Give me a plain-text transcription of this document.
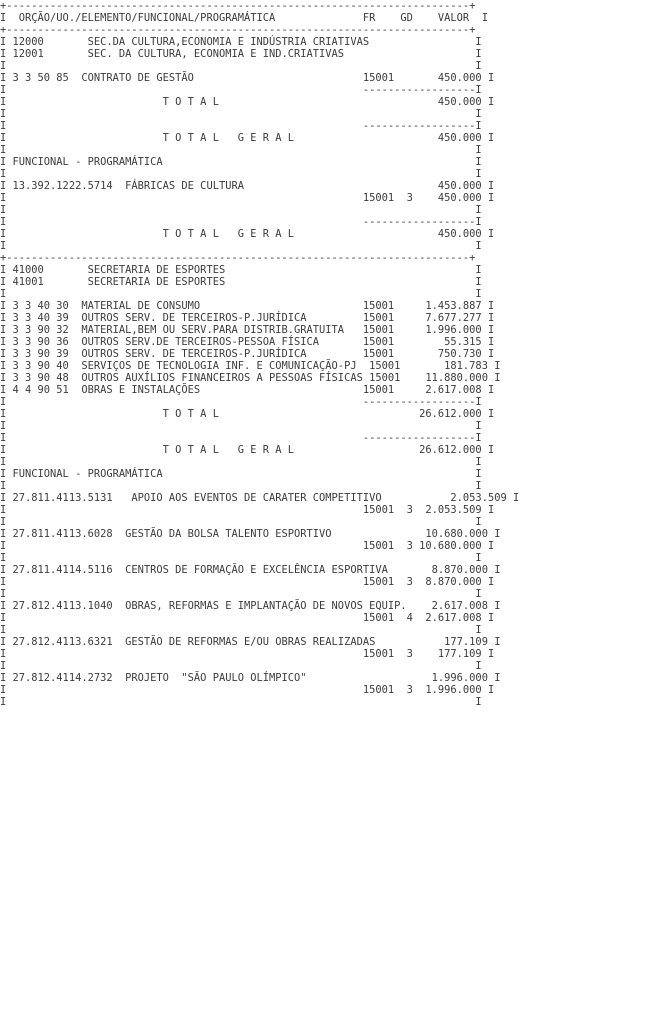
+--------------------------------------------------------------------------+
I  ORÇÃO/UO./ELEMENTO/FUNCIONAL/PROGRAMÁTICA              FR    GD    VALOR  I
+--------------------------------------------------------------------------+
I 12000       SEC.DA CULTURA,ECONOMIA E INDÚSTRIA CRIATIVAS                 I
I 12001       SEC. DA CULTURA, ECONOMIA E IND.CRIATIVAS                     I
I                                                                           I
I 3 3 50 85  CONTRATO DE GESTÃO                           15001       450.000 I
I                                                         ------------------I
I                         T O T A L                                   450.000 I
I                                                                           I
I                                                         ------------------I
I                         T O T A L   G E R A L                       450.000 I
I                                                                           I
I FUNCIONAL - PROGRAMÁTICA                                                  I
I                                                                           I
I 13.392.1222.5714  FÁBRICAS DE CULTURA                               450.000 I
I                                                         15001  3    450.000 I
I                                                                           I
I                                                         ------------------I
I                         T O T A L   G E R A L                       450.000 I
I                                                                           I
+--------------------------------------------------------------------------+
I 41000       SECRETARIA DE ESPORTES                                        I
I 41001       SECRETARIA DE ESPORTES                                        I
I                                                                           I
I 3 3 40 30  MATERIAL DE CONSUMO                          15001     1.453.887 I
I 3 3 40 39  OUTROS SERV. DE TERCEIROS-P.JURÍDICA         15001     7.677.277 I
I 3 3 90 32  MATERIAL,BEM OU SERV.PARA DISTRIB.GRATUITA   15001     1.996.000 I
I 3 3 90 36  OUTROS SERV.DE TERCEIROS-PESSOA FÍSICA       15001        55.315 I
I 3 3 90 39  OUTROS SERV. DE TERCEIROS-P.JURÍDICA         15001       750.730 I
I 3 3 90 40  SERVIÇOS DE TECNOLOGIA INF. E COMUNICAÇÃO-PJ  15001       181.783 I
I 3 3 90 48  OUTROS AUXÍLIOS FINANCEIROS A PESSOAS FÍSICAS 15001    11.880.000 I
I 4 4 90 51  OBRAS E INSTALAÇÕES                          15001     2.617.008 I
I                                                         ------------------I
I                         T O T A L                                26.612.000 I
I                                                                           I
I                                                         ------------------I
I                         T O T A L   G E R A L                    26.612.000 I
I                                                                           I
I FUNCIONAL - PROGRAMÁTICA                                                  I
I                                                                           I
I 27.811.4113.5131   APOIO AOS EVENTOS DE CARATER COMPETITIVO           2.053.509 I
I                                                         15001  3  2.053.509 I
I                                                                           I
I 27.811.4113.6028  GESTÃO DA BOLSA TALENTO ESPORTIVO               10.680.000 I
I                                                         15001  3 10.680.000 I
I                                                                           I
I 27.811.4114.5116  CENTROS DE FORMAÇÃO E EXCELÊNCIA ESPORTIVA       8.870.000 I
I                                                         15001  3  8.870.000 I
I                                                                           I
I 27.812.4113.1040  OBRAS, REFORMAS E IMPLANTAÇÃO DE NOVOS EQUIP.    2.617.008 I
I                                                         15001  4  2.617.008 I
I                                                                           I
I 27.812.4113.6321  GESTÃO DE REFORMAS E/OU OBRAS REALIZADAS           177.109 I
I                                                         15001  3    177.109 I
I                                                                           I
I 27.812.4114.2732  PROJETO  "SÃO PAULO OLÍMPICO"                    1.996.000 I
I                                                         15001  3  1.996.000 I
I                                                                           I
